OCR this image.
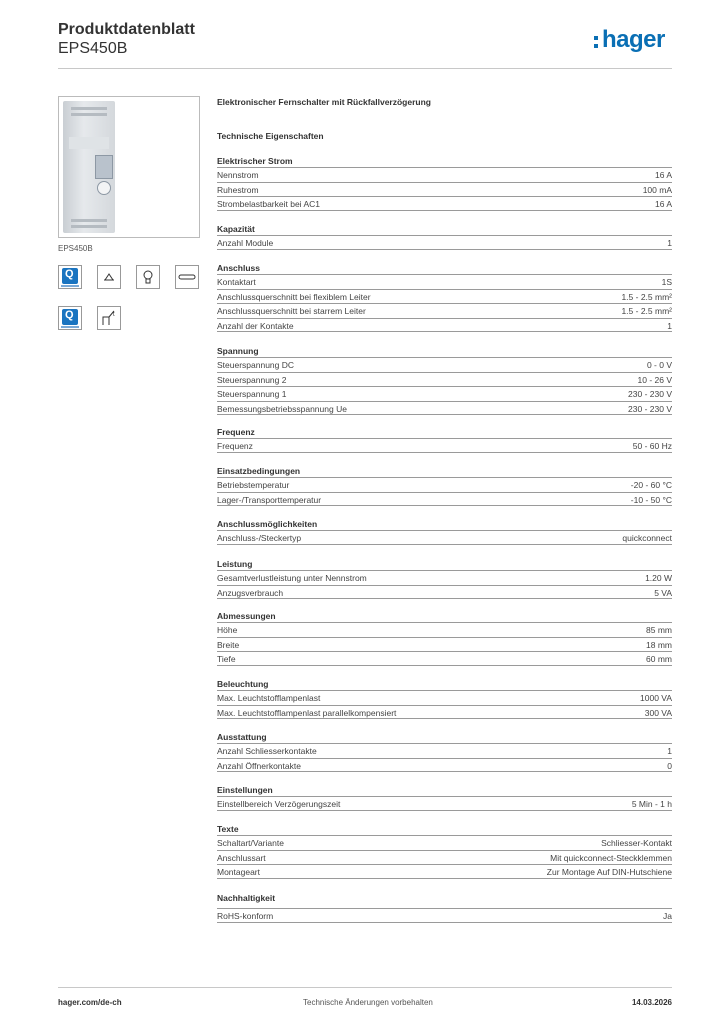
Produktdatenblatt
EPS450B	hager
EPS450B
Q
Q	t
Elektronischer Fernschalter mit Rückfallverzögerung
Technische Eigenschaften
Elektrischer Strom
Nennstrom	16 A
Ruhestrom	100 mA
Strombelastbarkeit bei AC1	16 A
Kapazität
Anzahl Module	1
Anschluss
Kontaktart	1S
Anschlussquerschnitt bei flexiblem Leiter	1.5 - 2.5 mm²
Anschlussquerschnitt bei starrem Leiter	1.5 - 2.5 mm²
Anzahl der Kontakte	1
Spannung
Steuerspannung DC	0 - 0 V
Steuerspannung 2	10 - 26 V
Steuerspannung 1	230 - 230 V
Bemessungsbetriebsspannung Ue	230 - 230 V
Frequenz
Frequenz	50 - 60 Hz
Einsatzbedingungen
Betriebstemperatur	-20 - 60 °C
Lager-/Transporttemperatur	-10 - 50 °C
Anschlussmöglichkeiten
Anschluss-/Steckertyp	quickconnect
Leistung
Gesamtverlustleistung unter Nennstrom	1.20 W
Anzugsverbrauch	5 VA
Abmessungen
Höhe	85 mm
Breite	18 mm
Tiefe	60 mm
Beleuchtung
Max. Leuchtstofflampenlast	1000 VA
Max. Leuchtstofflampenlast parallelkompensiert	300 VA
Ausstattung
Anzahl Schliesserkontakte	1
Anzahl Öffnerkontakte	0
Einstellungen
Einstellbereich Verzögerungszeit	5 Min - 1 h
Texte
Schaltart/Variante	Schliesser-Kontakt
Anschlussart	Mit quickconnect-Steckklemmen
Montageart	Zur Montage Auf DIN-Hutschiene
Nachhaltigkeit
RoHS-konform	Ja
hager.com/de-ch	Technische Änderungen vorbehalten	14.03.2026
